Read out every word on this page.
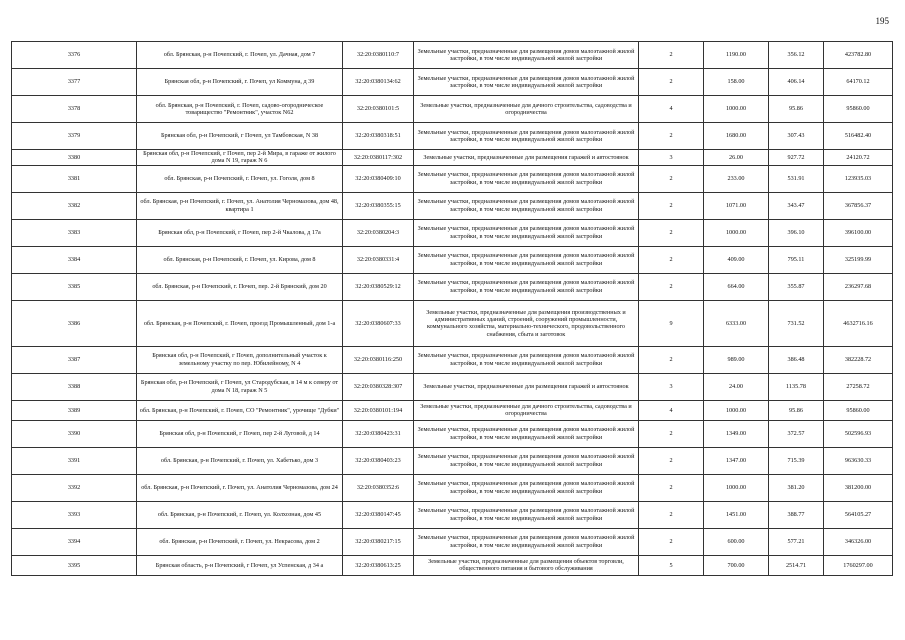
195
3376	обл. Брянская, р-н Почепский, г. Почеп, ул. Дачная, дом 7	32:20:0380110:7	Земельные участки, предназначенные для размещения домов малоэтажной жилой застройки, в том числе индивидуальной жилой застройки	2	1190.00	356.12	423782.80
3377	Брянская обл, р-н Почепский, г. Почеп, ул Коммуна, д 39	32:20:0380134:62	Земельные участки, предназначенные для размещения домов малоэтажной жилой застройки, в том числе индивидуальной жилой застройки	2	158.00	406.14	64170.12
3378	обл. Брянская, р-н Почепский, г. Почеп, садово-огородническое товарищество "Ремонтник", участок N62	32:20:0380101:5	Земельные участки, предназначенные для дачного строительства, садоводства и огородничества	4	1000.00	95.86	95860.00
3379	Брянская обл, р-н Почепский, г Почеп, ул Тамбовская, N 38	32:20:0380318:51	Земельные участки, предназначенные для размещения домов малоэтажной жилой застройки, в том числе индивидуальной жилой застройки	2	1680.00	307.43	516482.40
3380	Брянская обл, р-н Почепский, г Почеп, пер 2-й Мира, в гараже от жилого дома N 19, гараж N 6	32:20:0380117:302	Земельные участки, предназначенные для размещения гаражей и автостоянок	3	26.00	927.72	24120.72
3381	обл. Брянская, р-н Почепский, г. Почеп, ул. Гоголя, дом 8	32:20:0380409:10	Земельные участки, предназначенные для размещения домов малоэтажной жилой застройки, в том числе индивидуальной жилой застройки	2	233.00	531.91	123935.03
3382	обл. Брянская, р-н Почепский, г. Почеп, ул. Анатолия Черномазова, дом 48, квартира 1	32:20:0380355:15	Земельные участки, предназначенные для размещения домов малоэтажной жилой застройки, в том числе индивидуальной жилой застройки	2	1071.00	343.47	367856.37
3383	Брянская обл, р-н Почепский, г Почеп, пер 2-й Чкалова, д 17а	32:20:0380204:3	Земельные участки, предназначенные для размещения домов малоэтажной жилой застройки, в том числе индивидуальной жилой застройки	2	1000.00	396.10	396100.00
3384	обл. Брянская, р-н Почепский, г. Почеп, ул. Кирова, дом 8	32:20:0380331:4	Земельные участки, предназначенные для размещения домов малоэтажной жилой застройки, в том числе индивидуальной жилой застройки	2	409.00	795.11	325199.99
3385	обл. Брянская, р-н Почепский, г. Почеп, пер. 2-й Брянский, дом 20	32:20:0380529:12	Земельные участки, предназначенные для размещения домов малоэтажной жилой застройки, в том числе индивидуальной жилой застройки	2	664.00	355.87	236297.68
3386	обл. Брянская, р-н Почепский, г. Почеп, проезд Промышленный, дом 1-а	32:20:0380607:33	Земельные участки, предназначенные для размещения производственных и административных зданий, строений, сооружений промышленности, коммунального хозяйства, материально-технического, продовольственного снабжения, сбыта и заготовок	9	6333.00	731.52	4632716.16
3387	Брянская обл, р-н Почепский, г Почеп, дополнительный участок к земельному участку по пер. Юбилейному, N 4	32:20:0380116:250	Земельные участки, предназначенные для размещения домов малоэтажной жилой застройки, в том числе индивидуальной жилой застройки	2	989.00	386.48	382228.72
3388	Брянская обл, р-н Почепский, г Почеп, ул Стародубская, в 14 м к северу от дома N 18, гараж N 5	32:20:0380328:307	Земельные участки, предназначенные для размещения гаражей и автостоянок	3	24.00	1135.78	27258.72
3389	обл. Брянская, р-н Почепский, г. Почеп, СО "Ремонтник", урочище "Дубки"	32:20:0380101:194	Земельные участки, предназначенные для дачного строительства, садоводства и огородничества	4	1000.00	95.86	95860.00
3390	Брянская обл, р-н Почепский, г Почеп, пер 2-й Луговой, д 14	32:20:0380423:31	Земельные участки, предназначенные для размещения домов малоэтажной жилой застройки, в том числе индивидуальной жилой застройки	2	1349.00	372.57	502596.93
3391	обл. Брянская, р-н Почепский, г. Почеп, ул. Хабетько, дом 3	32:20:0380403:23	Земельные участки, предназначенные для размещения домов малоэтажной жилой застройки, в том числе индивидуальной жилой застройки	2	1347.00	715.39	963630.33
3392	обл. Брянская, р-н Почепский, г. Почеп, ул. Анатолия Черномазова, дом 24	32:20:0380352:6	Земельные участки, предназначенные для размещения домов малоэтажной жилой застройки, в том числе индивидуальной жилой застройки	2	1000.00	381.20	381200.00
3393	обл. Брянская, р-н Почепский, г. Почеп, ул. Колхозная, дом 45	32:20:0380147:45	Земельные участки, предназначенные для размещения домов малоэтажной жилой застройки, в том числе индивидуальной жилой застройки	2	1451.00	388.77	564105.27
3394	обл. Брянская, р-н Почепский, г. Почеп, ул. Некрасова, дом 2	32:20:0380217:15	Земельные участки, предназначенные для размещения домов малоэтажной жилой застройки, в том числе индивидуальной жилой застройки	2	600.00	577.21	346326.00
3395	Брянская область, р-н Почепский, г Почеп, ул Успенская, д 34 а	32:20:0380613:25	Земельные участки, предназначенные для размещения объектов торговли, общественного питания и бытового обслуживания	5	700.00	2514.71	1760297.00
